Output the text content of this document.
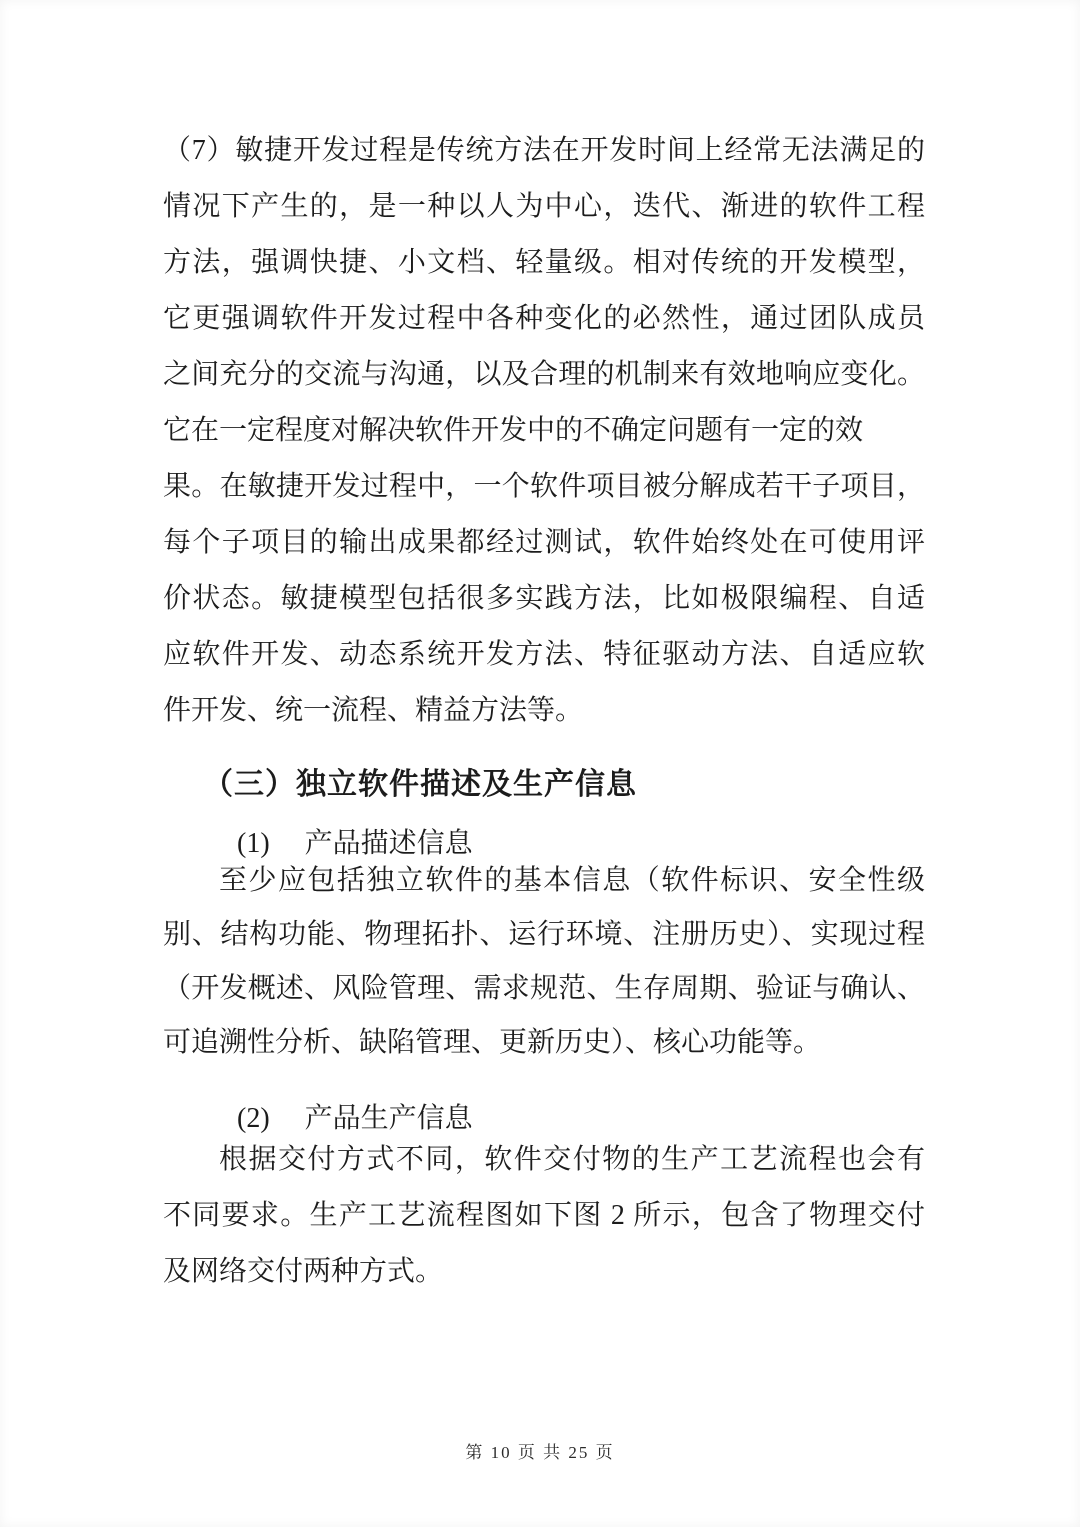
（7）敏捷开发过程是传统方法在开发时间上经常无法满足的
情况下产生的，是一种以人为中心，迭代、渐进的软件工程
方法，强调快捷、小文档、轻量级。相对传统的开发模型，
它更强调软件开发过程中各种变化的必然性，通过团队成员
之间充分的交流与沟通，以及合理的机制来有效地响应变化。
它在一定程度对解决软件开发中的不确定问题有一定的效
果。在敏捷开发过程中，一个软件项目被分解成若干子项目，
每个子项目的输出成果都经过测试，软件始终处在可使用评
价状态。敏捷模型包括很多实践方法，比如极限编程、自适
应软件开发、动态系统开发方法、特征驱动方法、自适应软
件开发、统一流程、精益方法等。
（三）独立软件描述及生产信息
(1)　 产品描述信息
至少应包括独立软件的基本信息（软件标识、安全性级
别、结构功能、物理拓扑、运行环境、注册历史）、实现过程
（开发概述、风险管理、需求规范、生存周期、验证与确认、
可追溯性分析、缺陷管理、更新历史）、核心功能等。
(2)　 产品生产信息
根据交付方式不同，软件交付物的生产工艺流程也会有
不同要求。生产工艺流程图如下图 2 所示，包含了物理交付
及网络交付两种方式。
第 10 页 共 25 页
